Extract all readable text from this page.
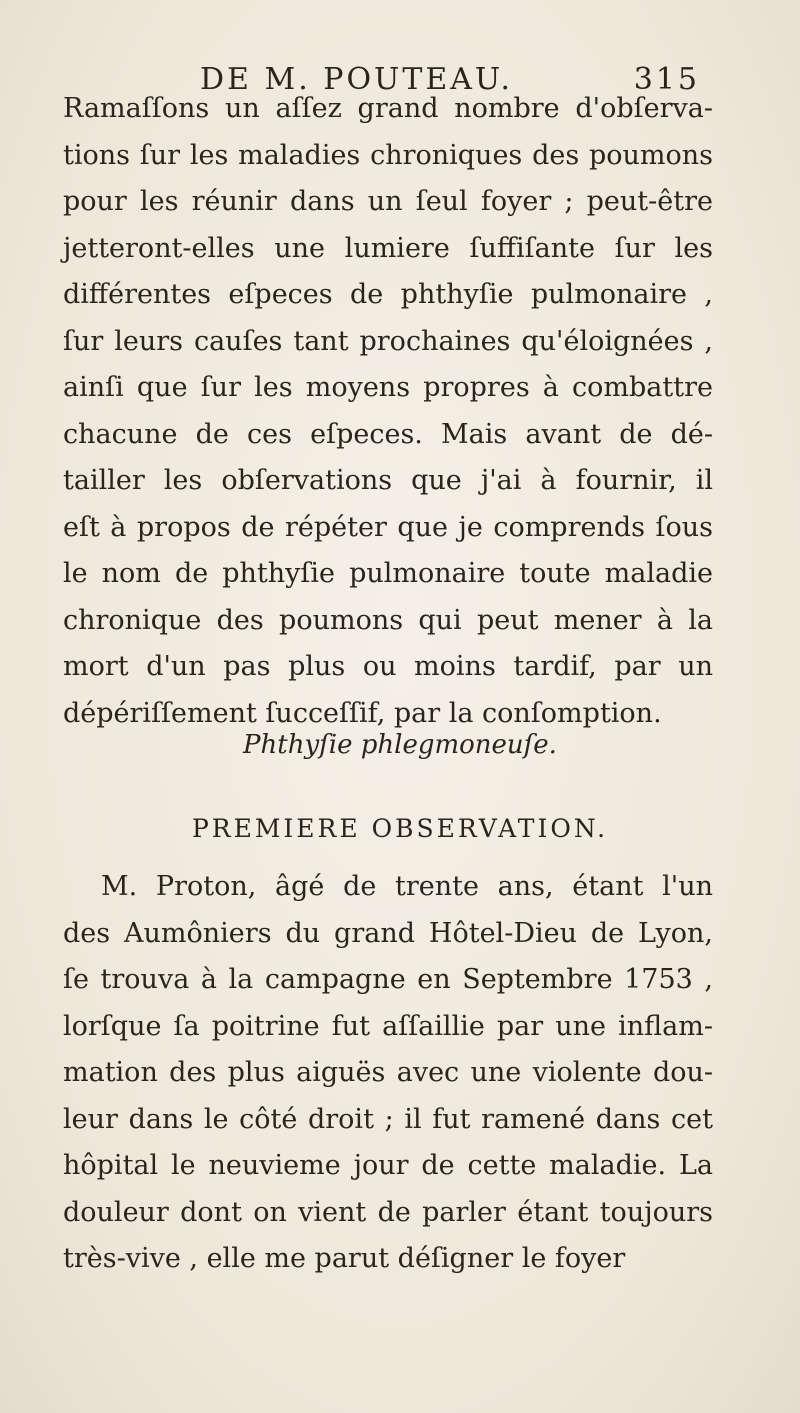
DE M. POUTEAU.	315
Ramaſſons un aſſez grand nombre d'obſerva-
tions ſur les maladies chroniques des poumons
pour les réunir dans un ſeul foyer ; peut-être
jetteront-elles une lumiere ſuffiſante ſur les
différentes eſpeces de phthyſie pulmonaire ,
ſur leurs cauſes tant prochaines qu'éloignées ,
ainſi que ſur les moyens propres à combattre
chacune de ces eſpeces. Mais avant de dé-
tailler les obſervations que j'ai à fournir, il
eſt à propos de répéter que je comprends ſous
le nom de phthyſie pulmonaire toute maladie
chronique des poumons qui peut mener à la
mort d'un pas plus ou moins tardif, par un
dépériſſement ſucceſſif, par la conſomption.
Phthyſie phlegmoneuſe.
PREMIERE OBSERVATION.
M. Proton, âgé de trente ans, étant l'un
des Aumôniers du grand Hôtel-Dieu de Lyon,
ſe trouva à la campagne en Septembre 1753 ,
lorſque ſa poitrine fut aſſaillie par une inflam-
mation des plus aiguës avec une violente dou-
leur dans le côté droit ; il fut ramené dans cet
hôpital le neuvieme jour de cette maladie. La
douleur dont on vient de parler étant toujours
très-vive , elle me parut déſigner le foyer
